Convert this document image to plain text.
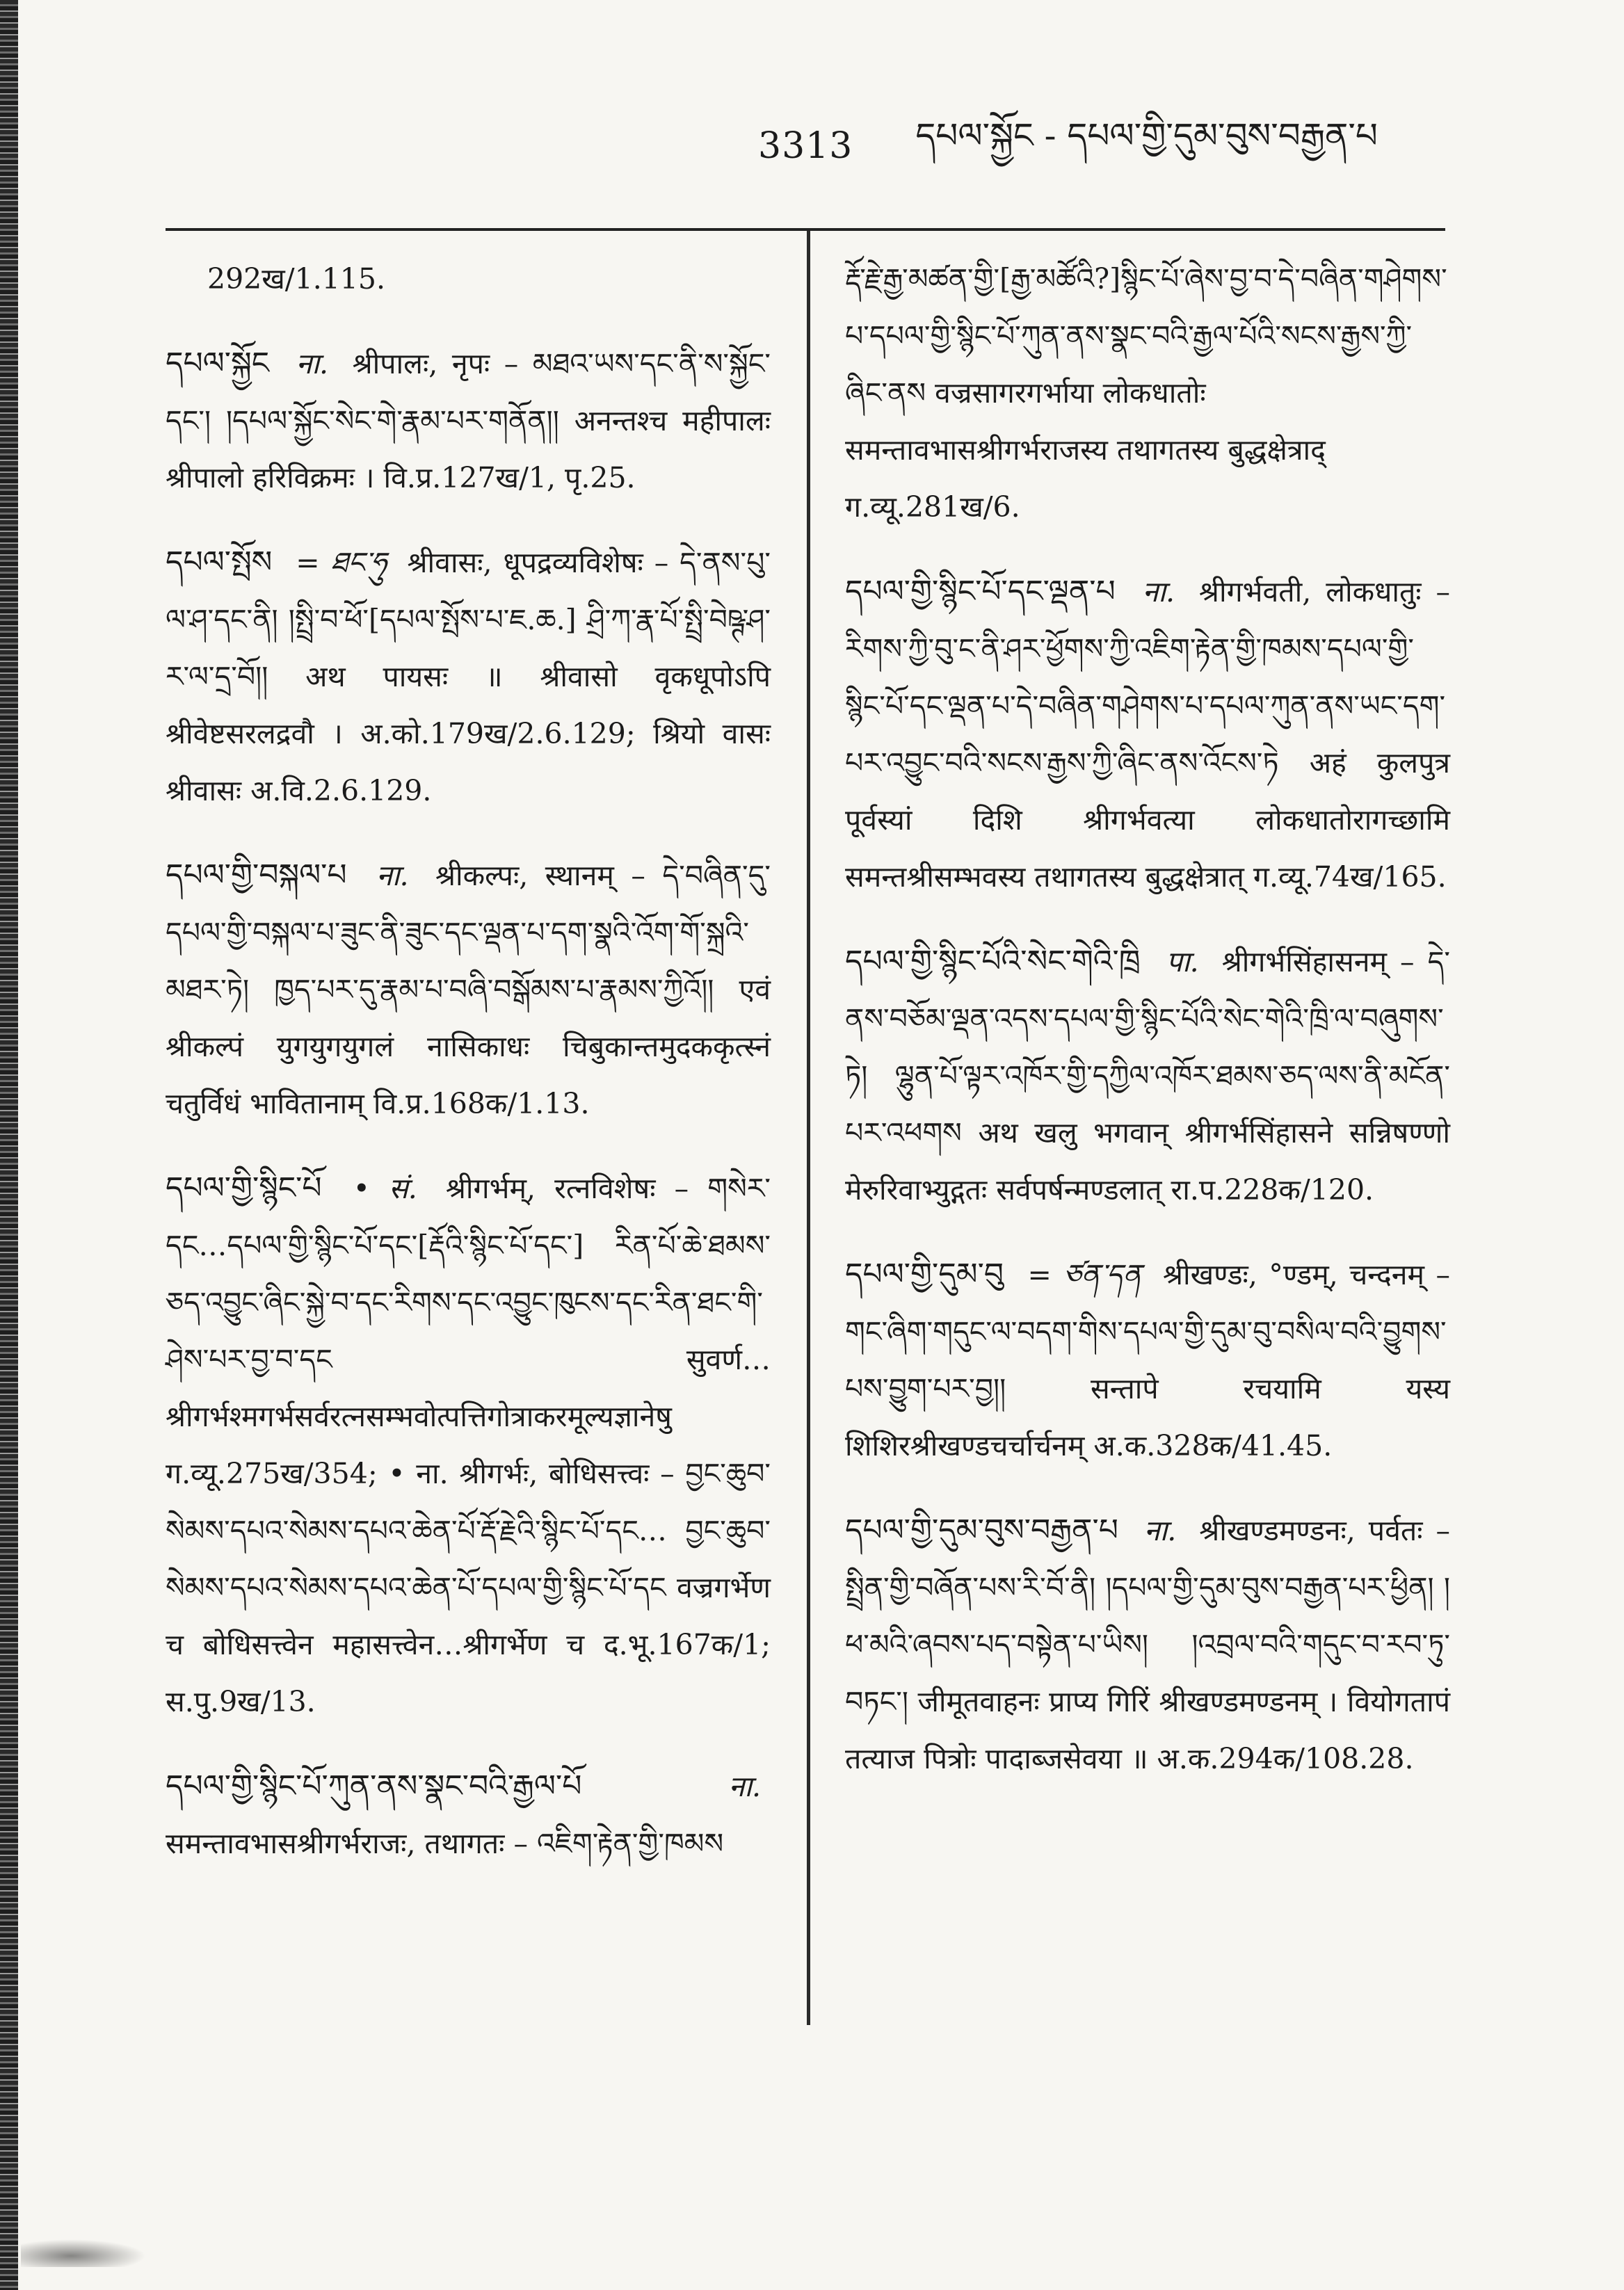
3313 དཔལ་སྐྱོང - དཔལ་གྱི་དུམ་བུས་བརྒྱན་པ
292ख/1.115.
དཔལ་སྐྱོང ना. श्रीपालः, नृपः – མཐའ་ཡས་དང་ནི་ས་སྐྱོང་དང་། །དཔལ་སྐྱོང་སེང་གེ་རྣམ་པར་གནོན།། अनन्तश्च महीपालः श्रीपालो हरिविक्रमः । वि.प्र.127ख/1, पृ.25.
དཔལ་སྤོས = ཐང་ཧུ श्रीवासः, धूपद्रव्यविशेषः – དེ་ནས་པུ་ལ་ཤ་དང་ནི། །སྤྲི་བ་ཕོ་[དཔལ་སྤོས་པ་ཇ.ཆ.] ཤྲི་ཀ་རྣ་པོ་སྤྲི་བེཥྚ་ཤ་ར་ལ་དྲ་བོ།། अथ पायसः ॥ श्रीवासो वृकधूपोऽपि श्रीवेष्टसरलद्रवौ । अ.को.179ख/2.6.129; श्रियो वासः श्रीवासः अ.वि.2.6.129.
དཔལ་གྱི་བསྐལ་པ ना. श्रीकल्पः, स्थानम् – དེ་བཞིན་དུ་དཔལ་གྱི་བསྐལ་པ་ཟུང་ནི་ཟུང་དང་ལྡན་པ་དག་སྣའི་འོག་གོ་སྐྲའི་མཐར་ཏེ། ཁྱད་པར་དུ་རྣམ་པ་བཞི་བསྒོམས་པ་རྣམས་ཀྱིའོ།། एवं श्रीकल्पं युगयुगयुगलं नासिकाधः चिबुकान्तमुदककृत्स्नं चतुर्विधं भावितानाम् वि.प्र.168क/1.13.
དཔལ་གྱི་སྙིང་པོ • सं. श्रीगर्भम्, रत्नविशेषः – གསེར་དང…དཔལ་གྱི་སྙིང་པོ་དང་[རྡོའི་སྙིང་པོ་དང་] རིན་པོ་ཆེ་ཐམས་ཅད་འབྱུང་ཞིང་སྐྱེ་བ་དང་རིགས་དང་འབྱུང་ཁུངས་དང་རིན་ཐང་གི་ཤེས་པར་བྱ་བ་དང सुवर्ण…श्रीगर्भश्मगर्भसर्वरत्नसम्भवोत्पत्तिगोत्राकरमूल्यज्ञानेषु ग.व्यू.275ख/354; • ना. श्रीगर्भः, बोधिसत्त्वः – བྱང་ཆུབ་སེམས་དཔའ་སེམས་དཔའ་ཆེན་པོ་རྡོ་རྗེའི་སྙིང་པོ་དང… བྱང་ཆུབ་སེམས་དཔའ་སེམས་དཔའ་ཆེན་པོ་དཔལ་གྱི་སྙིང་པོ་དང वज्रगर्भेण च बोधिसत्त्वेन महासत्त्वेन…श्रीगर्भेण च द.भू.167क/1; स.पु.9ख/13.
དཔལ་གྱི་སྙིང་པོ་ཀུན་ནས་སྣང་བའི་རྒྱལ་པོ	ना. समन्तावभासश्रीगर्भराजः, तथागतः – འཇིག་རྟེན་གྱི་ཁམས
རྡོ་རྗེ་རྒྱ་མཚན་གྱི་[རྒྱ་མཚོའི?]སྙིང་པོ་ཞེས་བྱ་བ་དེ་བཞིན་གཤེགས་པ་དཔལ་གྱི་སྙིང་པོ་ཀུན་ནས་སྣང་བའི་རྒྱལ་པོའི་སངས་རྒྱས་ཀྱི་ཞིང་ནས वज्रसागरगर्भाया लोकधातोः समन्तावभासश्रीगर्भराजस्य तथागतस्य बुद्धक्षेत्राद् ग.व्यू.281ख/6.
དཔལ་གྱི་སྙིང་པོ་དང་ལྡན་པ ना. श्रीगर्भवती, लोकधातुः – རིགས་ཀྱི་བུ་ང་ནི་ཤར་ཕྱོགས་ཀྱི་འཇིག་རྟེན་གྱི་ཁམས་དཔལ་གྱི་སྙིང་པོ་དང་ལྡན་པ་དེ་བཞིན་གཤེགས་པ་དཔལ་ཀུན་ནས་ཡང་དག་པར་འབྱུང་བའི་སངས་རྒྱས་ཀྱི་ཞིང་ནས་འོངས་ཏེ अहं कुलपुत्र पूर्वस्यां दिशि श्रीगर्भवत्या लोकधातोरागच्छामि समन्तश्रीसम्भवस्य तथागतस्य बुद्धक्षेत्रात् ग.व्यू.74ख/165.
དཔལ་གྱི་སྙིང་པོའི་སེང་གེའི་ཁྲི पा. श्रीगर्भसिंहासनम् – དེ་ནས་བཅོམ་ལྡན་འདས་དཔལ་གྱི་སྙིང་པོའི་སེང་གེའི་ཁྲི་ལ་བཞུགས་ཏེ། ལྷུན་པོ་ལྟར་འཁོར་གྱི་དཀྱིལ་འཁོར་ཐམས་ཅད་ལས་ནི་མངོན་པར་འཕགས अथ खलु भगवान् श्रीगर्भसिंहासने सन्निषण्णो मेरुरिवाभ्युद्गतः सर्वपर्षन्मण्डलात् रा.प.228क/120.
དཔལ་གྱི་དུམ་བུ = ཙན་དན श्रीखण्डः, °ण्डम्, चन्दनम् – གང་ཞིག་གདུང་ལ་བདག་གིས་དཔལ་གྱི་དུམ་བུ་བསིལ་བའི་བྱུགས་པས་བྱུག་པར་བྱ།། सन्तापे रचयामि यस्य शिशिरश्रीखण्डचर्चार्चनम् अ.क.328क/41.45.
དཔལ་གྱི་དུམ་བུས་བརྒྱན་པ ना. श्रीखण्डमण्डनः, पर्वतः – སྤྲིན་གྱི་བཞོན་པས་རི་བོ་ནི། །དཔལ་གྱི་དུམ་བུས་བརྒྱན་པར་ཕྱིན། །ཕ་མའི་ཞབས་པད་བསྟེན་པ་ཡིས། །འབྲལ་བའི་གདུང་བ་རབ་ཏུ་བཏང་། जीमूतवाहनः प्राप्य गिरिं श्रीखण्डमण्डनम् । वियोगतापं तत्याज पित्रोः पादाब्जसेवया ॥ अ.क.294क/108.28.
